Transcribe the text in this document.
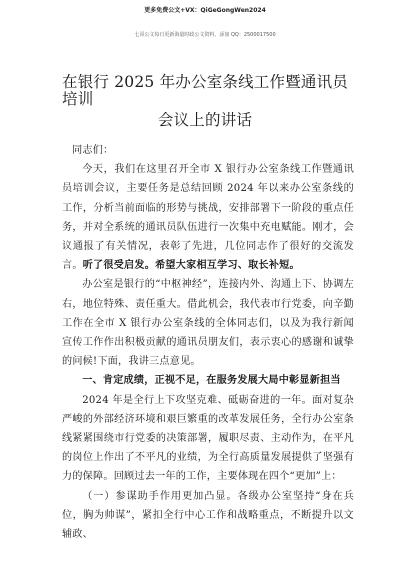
更多免费公文+VX：QiGeGongWen2024
七哥公文每日更新海量时政公文资料，添加 QQ：2500017500
在银行 2025 年办公室条线工作暨通讯员培训
会议上的讲话

同志们：

今天，我们在这里召开全市 X 银行办公室条线工作暨通讯员培训会议，主要任务是总结回顾 2024 年以来办公室条线的工作，分析当前面临的形势与挑战，安排部署下一阶段的重点任务，并对全系统的通讯员队伍进行一次集中充电赋能。刚才，会议通报了有关情况，表彰了先进，几位同志作了很好的交流发言。听了很受启发。希望大家相互学习、取长补短。

办公室是银行的“中枢神经”，连接内外、沟通上下、协调左右，地位特殊、责任重大。借此机会，我代表市行党委，向辛勤工作在全市 X 银行办公室条线的全体同志们，以及为我行新闻宣传工作作出积极贡献的通讯员朋友们，表示衷心的感谢和诚挚的问候!下面，我讲三点意见。

一、肯定成绩，正视不足，在服务发展大局中彰显新担当

2024 年是全行上下攻坚克难、砥砺奋进的一年。面对复杂严峻的外部经济环境和艰巨繁重的改革发展任务，全行办公室条线紧紧围绕市行党委的决策部署，履职尽责、主动作为，在平凡的岗位上作出了不平凡的业绩，为全行高质量发展提供了坚强有力的保障。回顾过去一年的工作，主要体现在四个“更加”上：

（一）参谋助手作用更加凸显。各级办公室坚持“身在兵位，胸为帅谋”，紧扣全行中心工作和战略重点，不断提升以文辅政、
